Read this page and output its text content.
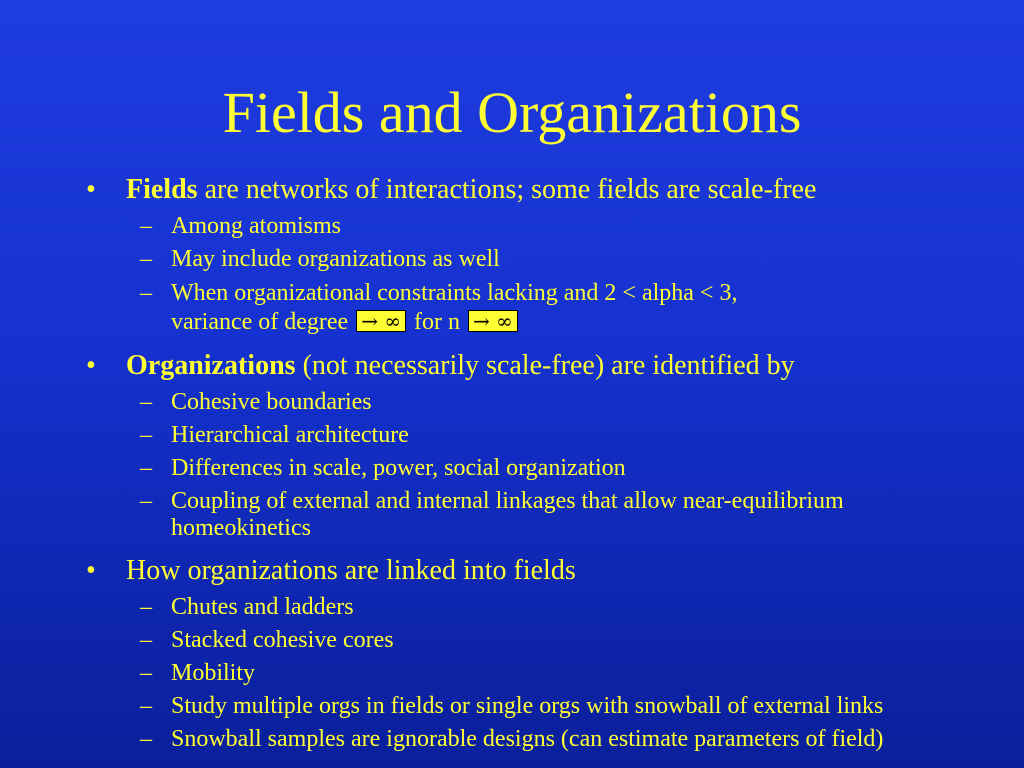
Fields and Organizations
• Fields are networks of interactions; some fields are scale-free
– Among atomisms
– May include organizations as well
– When organizational constraints lacking and 2 < alpha < 3,
variance of degree → ∞ for n → ∞
• Organizations (not necessarily scale-free) are identified by
– Cohesive boundaries
– Hierarchical architecture
– Differences in scale, power, social organization
– Coupling of external and internal linkages that allow near-equilibrium
homeokinetics
• How organizations are linked into fields
– Chutes and ladders
– Stacked cohesive cores
– Mobility
– Study multiple orgs in fields or single orgs with snowball of external links
– Snowball samples are ignorable designs (can estimate parameters of field)
